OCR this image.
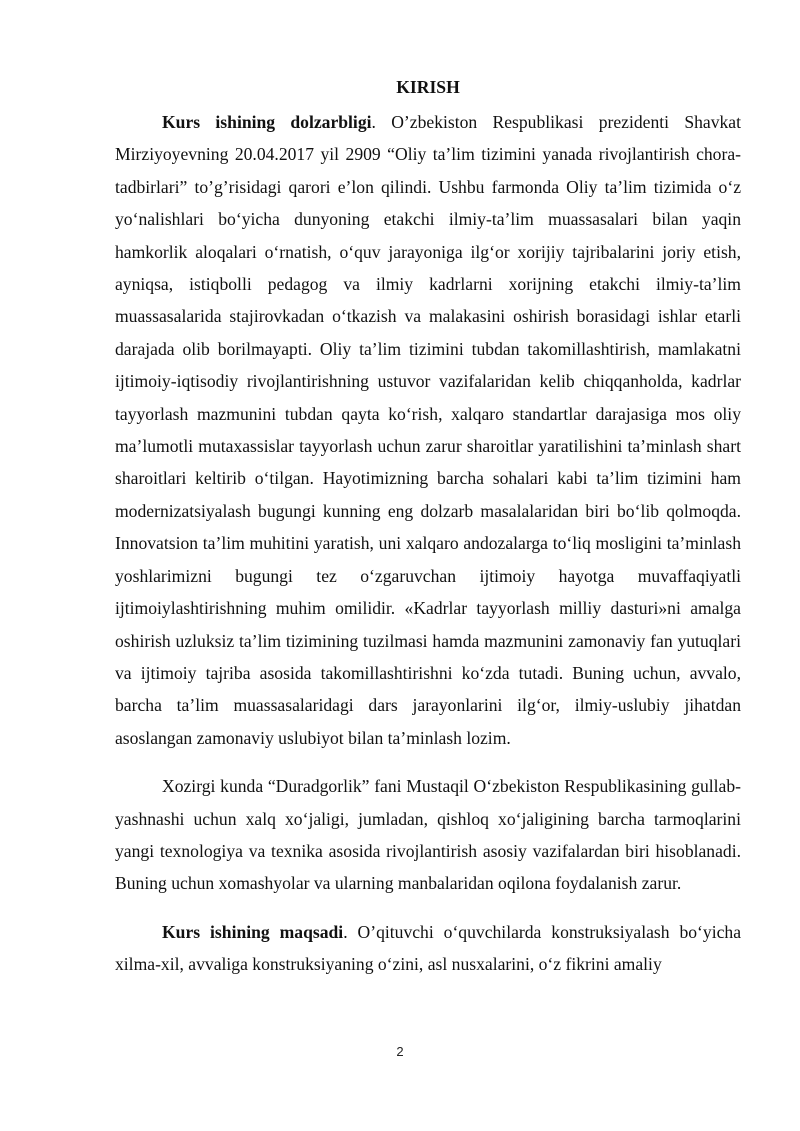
KIRISH

Kurs ishining dolzarbligi. O’zbekiston Respublikasi prezidenti Shavkat Mirziyoyevning 20.04.2017 yil 2909 “Oliy ta’lim tizimini yanada rivojlantirish chora-tadbirlari” to’g’risidagi qarori e’lon qilindi. Ushbu farmonda Oliy ta’lim tizimida o‘z yo‘nalishlari bo‘yicha dunyoning etakchi ilmiy-ta’lim muassasalari bilan yaqin hamkorlik aloqalari o‘rnatish, o‘quv jarayoniga ilg‘or xorijiy tajribalarini joriy etish, ayniqsa, istiqbolli pedagog va ilmiy kadrlarni xorijning etakchi ilmiy-ta’lim muassasalarida stajirovkadan o‘tkazish va malakasini oshirish borasidagi ishlar etarli darajada olib borilmayapti. Oliy ta’lim tizimini tubdan takomillashtirish, mamlakatni ijtimoiy-iqtisodiy rivojlantirishning ustuvor vazifalaridan kelib chiqqanholda, kadrlar tayyorlash mazmunini tubdan qayta ko‘rish, xalqaro standartlar darajasiga mos oliy ma’lumotli mutaxassislar tayyorlash uchun zarur sharoitlar yaratilishini ta’minlash shart sharoitlari keltirib o‘tilgan. Hayotimizning barcha sohalari kabi ta’lim tizimini ham modernizatsiyalash bugungi kunning eng dolzarb masalalaridan biri bo‘lib qolmoqda. Innovatsion ta’lim muhitini yaratish, uni xalqaro andozalarga to‘liq mosligini ta’minlash yoshlarimizni bugungi tez o‘zgaruvchan ijtimoiy hayotga muvaffaqiyatli ijtimoiylashtirishning muhim omilidir. «Kadrlar tayyorlash milliy dasturi»ni amalga oshirish uzluksiz ta’lim tizimining tuzilmasi hamda mazmunini zamonaviy fan yutuqlari va ijtimoiy tajriba asosida takomillashtirishni ko‘zda tutadi. Buning uchun, avvalo, barcha ta’lim muassasalaridagi dars jarayonlarini ilg‘or, ilmiy-uslubiy jihatdan asoslangan zamonaviy uslubiyot bilan ta’minlash lozim.

Xozirgi kunda “Duradgorlik” fani Mustaqil O‘zbekiston Respublikasining gullab-yashnashi uchun xalq xo‘jaligi, jumladan, qishloq xo‘jaligining barcha tarmoqlarini yangi texnologiya va texnika asosida rivojlantirish asosiy vazifalardan biri hisoblanadi. Buning uchun xomashyolar va ularning manbalaridan oqilona foydalanish zarur.

Kurs ishining maqsadi. O’qituvchi o‘quvchilarda konstruksiyalash bo‘yicha xilma-xil, avvaliga konstruksiyaning o‘zini, asl nusxalarini, o‘z fikrini amaliy

2
